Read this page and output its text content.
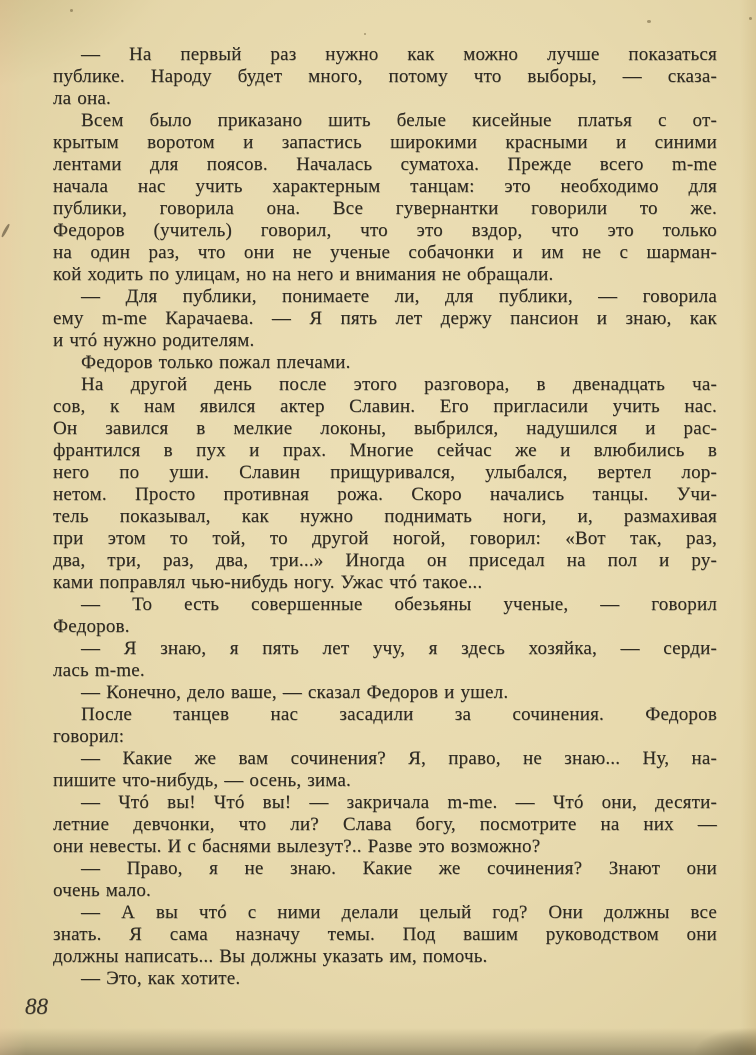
— На первый раз нужно как можно лучше показаться
публике. Народу будет много, потому что выборы, — сказа-
ла она.
Всем было приказано шить белые кисейные платья с от-
крытым воротом и запастись широкими красными и синими
лентами для поясов. Началась суматоха. Прежде всего m-me
начала нас учить характерным танцам: это необходимо для
публики, говорила она. Все гувернантки говорили то же.
Федоров (учитель) говорил, что это вздор, что это только
на один раз, что они не ученые собачонки и им не с шарман-
кой ходить по улицам, но на него и внимания не обращали.
— Для публики, понимаете ли, для публики, — говорила
ему m-me Карачаева. — Я пять лет держу пансион и знаю, как
и чтó нужно родителям.
Федоров только пожал плечами.
На другой день после этого разговора, в двенадцать ча-
сов, к нам явился актер Славин. Его пригласили учить нас.
Он завился в мелкие локоны, выбрился, надушился и рас-
франтился в пух и прах. Многие сейчас же и влюбились в
него по уши. Славин прищуривался, улыбался, вертел лор-
нетом. Просто противная рожа. Скоро начались танцы. Учи-
тель показывал, как нужно поднимать ноги, и, размахивая
при этом то той, то другой ногой, говорил: «Вот так, раз,
два, три, раз, два, три...» Иногда он приседал на пол и ру-
ками поправлял чью-нибудь ногу. Ужас чтó такое...
— То есть совершенные обезьяны ученые, — говорил
Федоров.
— Я знаю, я пять лет учу, я здесь хозяйка, — серди-
лась m-me.
— Конечно, дело ваше, — сказал Федоров и ушел.
После танцев нас засадили за сочинения. Федоров
говорил:
— Какие же вам сочинения? Я, право, не знаю... Ну, на-
пишите что-нибудь, — осень, зима.
— Чтó вы! Чтó вы! — закричала m-me. — Чтó они, десяти-
летние девчонки, что ли? Слава богу, посмотрите на них —
они невесты. И с баснями вылезут?.. Разве это возможно?
— Право, я не знаю. Какие же сочинения? Знают они
очень мало.
— А вы чтó с ними делали целый год? Они должны все
знать. Я сама назначу темы. Под вашим руководством они
должны написать... Вы должны указать им, помочь.
— Это, как хотите.
88
